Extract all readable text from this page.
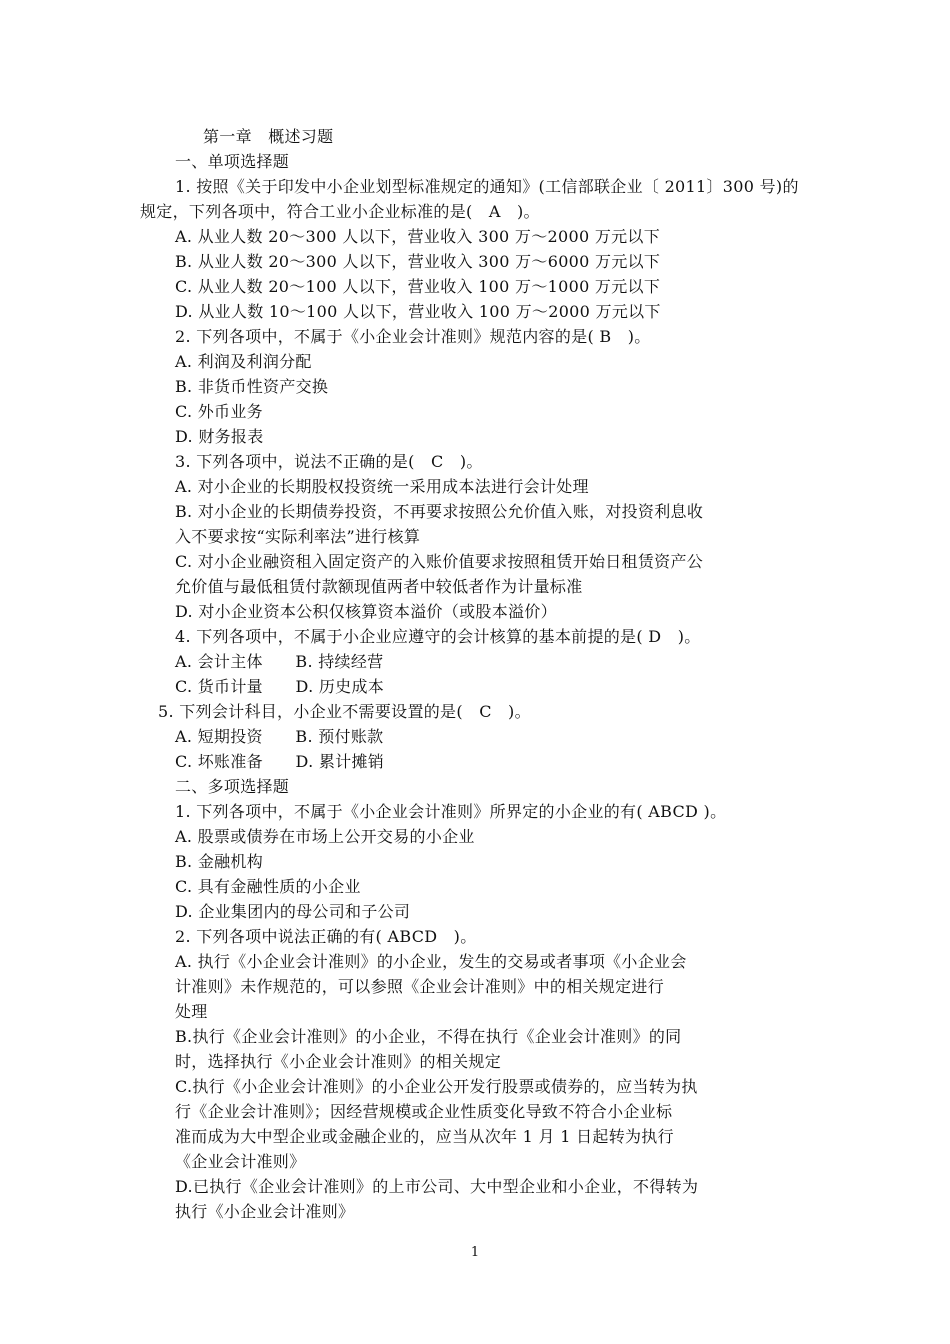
第一章　概述习题
一、单项选择题
1. 按照《关于印发中小企业划型标准规定的通知》(工信部联企业〔 2011〕300 号)的
规定，下列各项中，符合工业小企业标准的是(　A　)。
A. 从业人数 20～300 人以下，营业收入 300 万～2000 万元以下
B. 从业人数 20～300 人以下，营业收入 300 万～6000 万元以下
C. 从业人数 20～100 人以下，营业收入 100 万～1000 万元以下
D. 从业人数 10～100 人以下，营业收入 100 万～2000 万元以下
2. 下列各项中，不属于《小企业会计准则》规范内容的是( B　)。
A. 利润及利润分配
B. 非货币性资产交换
C. 外币业务
D. 财务报表
3. 下列各项中，说法不正确的是(　C　)。
A. 对小企业的长期股权投资统一采用成本法进行会计处理
B. 对小企业的长期债券投资，不再要求按照公允价值入账，对投资利息收
入不要求按“实际利率法”进行核算
C. 对小企业融资租入固定资产的入账价值要求按照租赁开始日租赁资产公
允价值与最低租赁付款额现值两者中较低者作为计量标准
D. 对小企业资本公积仅核算资本溢价（或股本溢价）
4. 下列各项中，不属于小企业应遵守的会计核算的基本前提的是( D　)。
A. 会计主体　　B. 持续经营
C. 货币计量　　D. 历史成本
5. 下列会计科目，小企业不需要设置的是(　C　)。
A. 短期投资　　B. 预付账款
C. 坏账准备　　D. 累计摊销
二、多项选择题
1. 下列各项中，不属于《小企业会计准则》所界定的小企业的有( ABCD )。
A. 股票或债券在市场上公开交易的小企业
B. 金融机构
C. 具有金融性质的小企业
D. 企业集团内的母公司和子公司
2. 下列各项中说法正确的有( ABCD　)。
A. 执行《小企业会计准则》的小企业，发生的交易或者事项《小企业会
计准则》未作规范的，可以参照《企业会计准则》中的相关规定进行
处理
B.执行《企业会计准则》的小企业，不得在执行《企业会计准则》的同
时，选择执行《小企业会计准则》的相关规定
C.执行《小企业会计准则》的小企业公开发行股票或债券的，应当转为执
行《企业会计准则》；因经营规模或企业性质变化导致不符合小企业标
准而成为大中型企业或金融企业的，应当从次年 1 月 1 日起转为执行
《企业会计准则》
D.已执行《企业会计准则》的上市公司、大中型企业和小企业，不得转为
执行《小企业会计准则》
1
